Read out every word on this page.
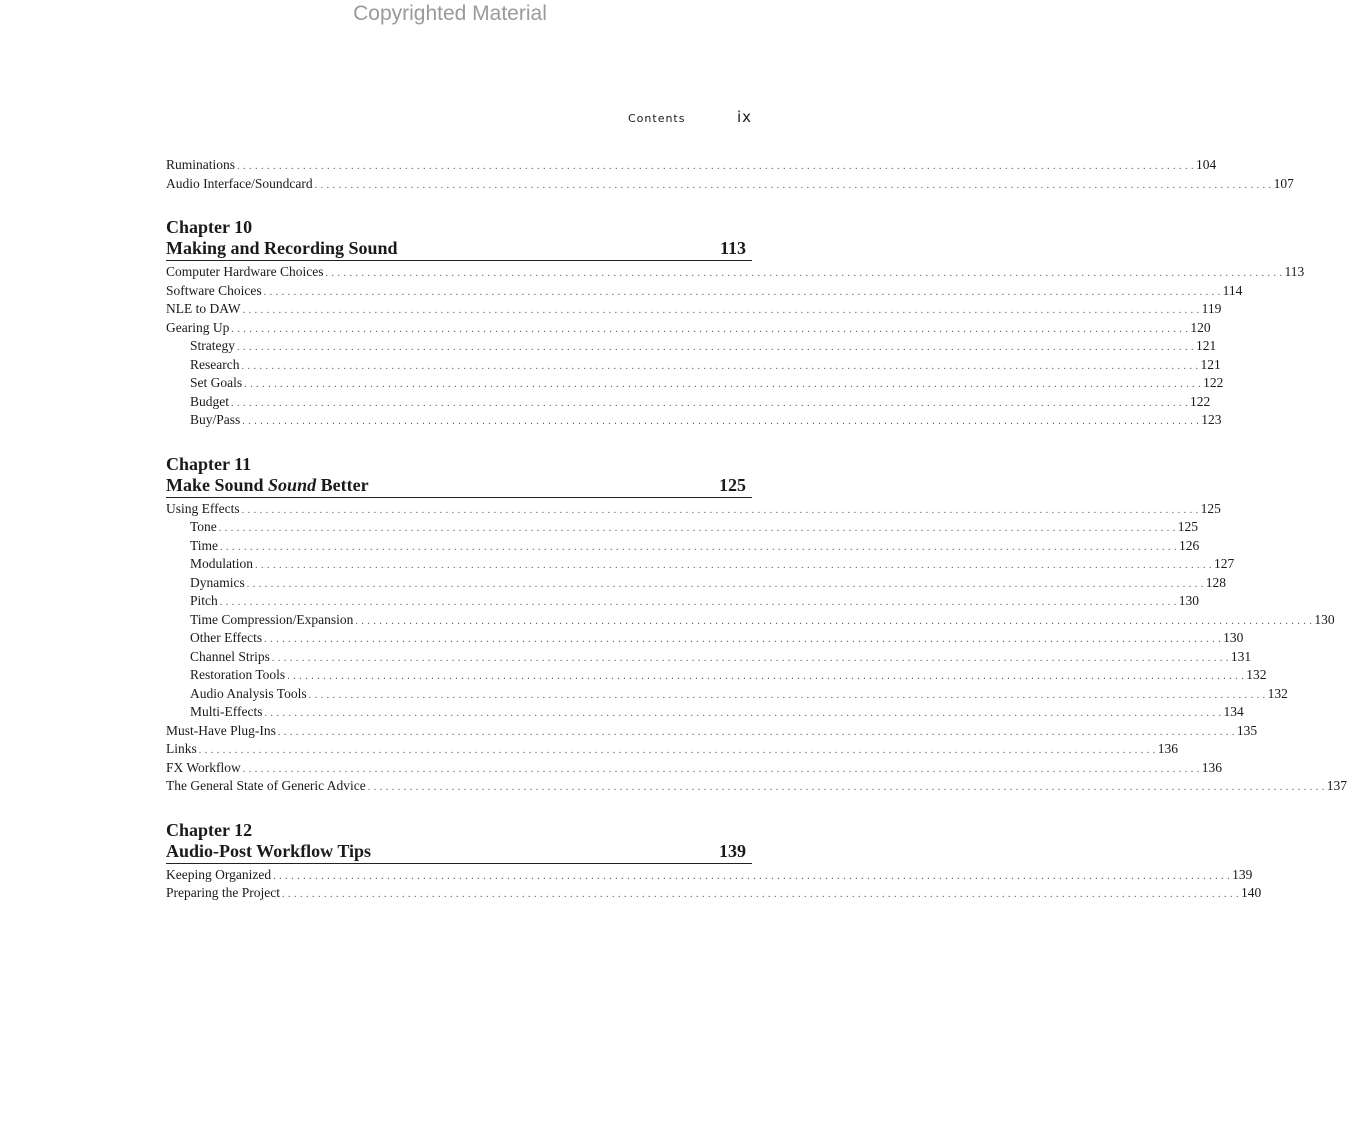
Copyrighted Material
Contents	ix
Ruminations . . . . . . . . . . . . . . . . . . . . . . . . . . . . . . . . . . . . . . . . . . . . . . . . . . . . . . . . . . . . . . . . . . . . . . . . . . . . . . . . . . . . . . . . . . . . . . . . . . . . . . . . . . . . . . . . . . . . . . . . . . . . . . . . . . . . . . . . . . . . . . . . . . . . . . . . . . . . . . . . 104
Audio Interface/Soundcard . . . . . . . . . . . . . . . . . . . . . . . . . . . . . . . . . . . . . . . . . . . . . . . . . . . . . . . . . . . . . . . . . . . . . . . . . . . . . . . . . . . . . . . . . . . . . . . . . . . . . . . . . . . . . . . . . . . . . . . . . . . . . . . . . . . . . . . . . . . . . . . . . . . . . . . . . . . . . . . . 107
Chapter 10
Making and Recording Sound	113
Computer Hardware Choices . . . . . . . . . . . . . . . . . . . . . . . . . . . . . . . . . . . . . . . . . . . . . . . . . . . . . . . . . . . . . . . . . . . . . . . . . . . . . . . . . . . . . . . . . . . . . . . . . . . . . . . . . . . . . . . . . . . . . . . . . . . . . . . . . . . . . . . . . . . . . . . . . . . . . . . . . . . . . . . . 113
Software Choices . . . . . . . . . . . . . . . . . . . . . . . . . . . . . . . . . . . . . . . . . . . . . . . . . . . . . . . . . . . . . . . . . . . . . . . . . . . . . . . . . . . . . . . . . . . . . . . . . . . . . . . . . . . . . . . . . . . . . . . . . . . . . . . . . . . . . . . . . . . . . . . . . . . . . . . . . . . . . . . . 114
NLE to DAW . . . . . . . . . . . . . . . . . . . . . . . . . . . . . . . . . . . . . . . . . . . . . . . . . . . . . . . . . . . . . . . . . . . . . . . . . . . . . . . . . . . . . . . . . . . . . . . . . . . . . . . . . . . . . . . . . . . . . . . . . . . . . . . . . . . . . . . . . . . . . . . . . . . . . . . . . . . . . . . . 119
Gearing Up . . . . . . . . . . . . . . . . . . . . . . . . . . . . . . . . . . . . . . . . . . . . . . . . . . . . . . . . . . . . . . . . . . . . . . . . . . . . . . . . . . . . . . . . . . . . . . . . . . . . . . . . . . . . . . . . . . . . . . . . . . . . . . . . . . . . . . . . . . . . . . . . . . . . . . . . . . . . . . . . 120
Strategy . . . . . . . . . . . . . . . . . . . . . . . . . . . . . . . . . . . . . . . . . . . . . . . . . . . . . . . . . . . . . . . . . . . . . . . . . . . . . . . . . . . . . . . . . . . . . . . . . . . . . . . . . . . . . . . . . . . . . . . . . . . . . . . . . . . . . . . . . . . . . . . . . . . . . . . . . . . . . . . . 121
Research . . . . . . . . . . . . . . . . . . . . . . . . . . . . . . . . . . . . . . . . . . . . . . . . . . . . . . . . . . . . . . . . . . . . . . . . . . . . . . . . . . . . . . . . . . . . . . . . . . . . . . . . . . . . . . . . . . . . . . . . . . . . . . . . . . . . . . . . . . . . . . . . . . . . . . . . . . . . . . . . 121
Set Goals . . . . . . . . . . . . . . . . . . . . . . . . . . . . . . . . . . . . . . . . . . . . . . . . . . . . . . . . . . . . . . . . . . . . . . . . . . . . . . . . . . . . . . . . . . . . . . . . . . . . . . . . . . . . . . . . . . . . . . . . . . . . . . . . . . . . . . . . . . . . . . . . . . . . . . . . . . . . . . . . 122
Budget . . . . . . . . . . . . . . . . . . . . . . . . . . . . . . . . . . . . . . . . . . . . . . . . . . . . . . . . . . . . . . . . . . . . . . . . . . . . . . . . . . . . . . . . . . . . . . . . . . . . . . . . . . . . . . . . . . . . . . . . . . . . . . . . . . . . . . . . . . . . . . . . . . . . . . . . . . . . . . . . 122
Buy/Pass . . . . . . . . . . . . . . . . . . . . . . . . . . . . . . . . . . . . . . . . . . . . . . . . . . . . . . . . . . . . . . . . . . . . . . . . . . . . . . . . . . . . . . . . . . . . . . . . . . . . . . . . . . . . . . . . . . . . . . . . . . . . . . . . . . . . . . . . . . . . . . . . . . . . . . . . . . . . . . . . 123
Chapter 11
Make Sound Sound Better	125
Using Effects . . . . . . . . . . . . . . . . . . . . . . . . . . . . . . . . . . . . . . . . . . . . . . . . . . . . . . . . . . . . . . . . . . . . . . . . . . . . . . . . . . . . . . . . . . . . . . . . . . . . . . . . . . . . . . . . . . . . . . . . . . . . . . . . . . . . . . . . . . . . . . . . . . . . . . . . . . . . . . . . 125
Tone . . . . . . . . . . . . . . . . . . . . . . . . . . . . . . . . . . . . . . . . . . . . . . . . . . . . . . . . . . . . . . . . . . . . . . . . . . . . . . . . . . . . . . . . . . . . . . . . . . . . . . . . . . . . . . . . . . . . . . . . . . . . . . . . . . . . . . . . . . . . . . . . . . . . . . . . . . . . . . . . 125
Time . . . . . . . . . . . . . . . . . . . . . . . . . . . . . . . . . . . . . . . . . . . . . . . . . . . . . . . . . . . . . . . . . . . . . . . . . . . . . . . . . . . . . . . . . . . . . . . . . . . . . . . . . . . . . . . . . . . . . . . . . . . . . . . . . . . . . . . . . . . . . . . . . . . . . . . . . . . . . . . . 126
Modulation . . . . . . . . . . . . . . . . . . . . . . . . . . . . . . . . . . . . . . . . . . . . . . . . . . . . . . . . . . . . . . . . . . . . . . . . . . . . . . . . . . . . . . . . . . . . . . . . . . . . . . . . . . . . . . . . . . . . . . . . . . . . . . . . . . . . . . . . . . . . . . . . . . . . . . . . . . . . . . . . 127
Dynamics . . . . . . . . . . . . . . . . . . . . . . . . . . . . . . . . . . . . . . . . . . . . . . . . . . . . . . . . . . . . . . . . . . . . . . . . . . . . . . . . . . . . . . . . . . . . . . . . . . . . . . . . . . . . . . . . . . . . . . . . . . . . . . . . . . . . . . . . . . . . . . . . . . . . . . . . . . . . . . . . 128
Pitch . . . . . . . . . . . . . . . . . . . . . . . . . . . . . . . . . . . . . . . . . . . . . . . . . . . . . . . . . . . . . . . . . . . . . . . . . . . . . . . . . . . . . . . . . . . . . . . . . . . . . . . . . . . . . . . . . . . . . . . . . . . . . . . . . . . . . . . . . . . . . . . . . . . . . . . . . . . . . . . . 130
Time Compression/Expansion . . . . . . . . . . . . . . . . . . . . . . . . . . . . . . . . . . . . . . . . . . . . . . . . . . . . . . . . . . . . . . . . . . . . . . . . . . . . . . . . . . . . . . . . . . . . . . . . . . . . . . . . . . . . . . . . . . . . . . . . . . . . . . . . . . . . . . . . . . . . . . . . . . . . . . . . . . . . . . . . 130
Other Effects . . . . . . . . . . . . . . . . . . . . . . . . . . . . . . . . . . . . . . . . . . . . . . . . . . . . . . . . . . . . . . . . . . . . . . . . . . . . . . . . . . . . . . . . . . . . . . . . . . . . . . . . . . . . . . . . . . . . . . . . . . . . . . . . . . . . . . . . . . . . . . . . . . . . . . . . . . . . . . . . 130
Channel Strips . . . . . . . . . . . . . . . . . . . . . . . . . . . . . . . . . . . . . . . . . . . . . . . . . . . . . . . . . . . . . . . . . . . . . . . . . . . . . . . . . . . . . . . . . . . . . . . . . . . . . . . . . . . . . . . . . . . . . . . . . . . . . . . . . . . . . . . . . . . . . . . . . . . . . . . . . . . . . . . . 131
Restoration Tools . . . . . . . . . . . . . . . . . . . . . . . . . . . . . . . . . . . . . . . . . . . . . . . . . . . . . . . . . . . . . . . . . . . . . . . . . . . . . . . . . . . . . . . . . . . . . . . . . . . . . . . . . . . . . . . . . . . . . . . . . . . . . . . . . . . . . . . . . . . . . . . . . . . . . . . . . . . . . . . . 132
Audio Analysis Tools . . . . . . . . . . . . . . . . . . . . . . . . . . . . . . . . . . . . . . . . . . . . . . . . . . . . . . . . . . . . . . . . . . . . . . . . . . . . . . . . . . . . . . . . . . . . . . . . . . . . . . . . . . . . . . . . . . . . . . . . . . . . . . . . . . . . . . . . . . . . . . . . . . . . . . . . . . . . . . . . 132
Multi-Effects . . . . . . . . . . . . . . . . . . . . . . . . . . . . . . . . . . . . . . . . . . . . . . . . . . . . . . . . . . . . . . . . . . . . . . . . . . . . . . . . . . . . . . . . . . . . . . . . . . . . . . . . . . . . . . . . . . . . . . . . . . . . . . . . . . . . . . . . . . . . . . . . . . . . . . . . . . . . . . . . 134
Must-Have Plug-Ins . . . . . . . . . . . . . . . . . . . . . . . . . . . . . . . . . . . . . . . . . . . . . . . . . . . . . . . . . . . . . . . . . . . . . . . . . . . . . . . . . . . . . . . . . . . . . . . . . . . . . . . . . . . . . . . . . . . . . . . . . . . . . . . . . . . . . . . . . . . . . . . . . . . . . . . . . . . . . . . . 135
Links . . . . . . . . . . . . . . . . . . . . . . . . . . . . . . . . . . . . . . . . . . . . . . . . . . . . . . . . . . . . . . . . . . . . . . . . . . . . . . . . . . . . . . . . . . . . . . . . . . . . . . . . . . . . . . . . . . . . . . . . . . . . . . . . . . . . . . . . . . . . . . . . . . . . . . . . . . . . . . . . 136
FX Workflow . . . . . . . . . . . . . . . . . . . . . . . . . . . . . . . . . . . . . . . . . . . . . . . . . . . . . . . . . . . . . . . . . . . . . . . . . . . . . . . . . . . . . . . . . . . . . . . . . . . . . . . . . . . . . . . . . . . . . . . . . . . . . . . . . . . . . . . . . . . . . . . . . . . . . . . . . . . . . . . . 136
The General State of Generic Advice . . . . . . . . . . . . . . . . . . . . . . . . . . . . . . . . . . . . . . . . . . . . . . . . . . . . . . . . . . . . . . . . . . . . . . . . . . . . . . . . . . . . . . . . . . . . . . . . . . . . . . . . . . . . . . . . . . . . . . . . . . . . . . . . . . . . . . . . . . . . . . . . . . . . . . . . . . . . . . . . 137
Chapter 12
Audio-Post Workflow Tips	139
Keeping Organized . . . . . . . . . . . . . . . . . . . . . . . . . . . . . . . . . . . . . . . . . . . . . . . . . . . . . . . . . . . . . . . . . . . . . . . . . . . . . . . . . . . . . . . . . . . . . . . . . . . . . . . . . . . . . . . . . . . . . . . . . . . . . . . . . . . . . . . . . . . . . . . . . . . . . . . . . . . . . . . . 139
Preparing the Project . . . . . . . . . . . . . . . . . . . . . . . . . . . . . . . . . . . . . . . . . . . . . . . . . . . . . . . . . . . . . . . . . . . . . . . . . . . . . . . . . . . . . . . . . . . . . . . . . . . . . . . . . . . . . . . . . . . . . . . . . . . . . . . . . . . . . . . . . . . . . . . . . . . . . . . . . . . . . . . . 140
